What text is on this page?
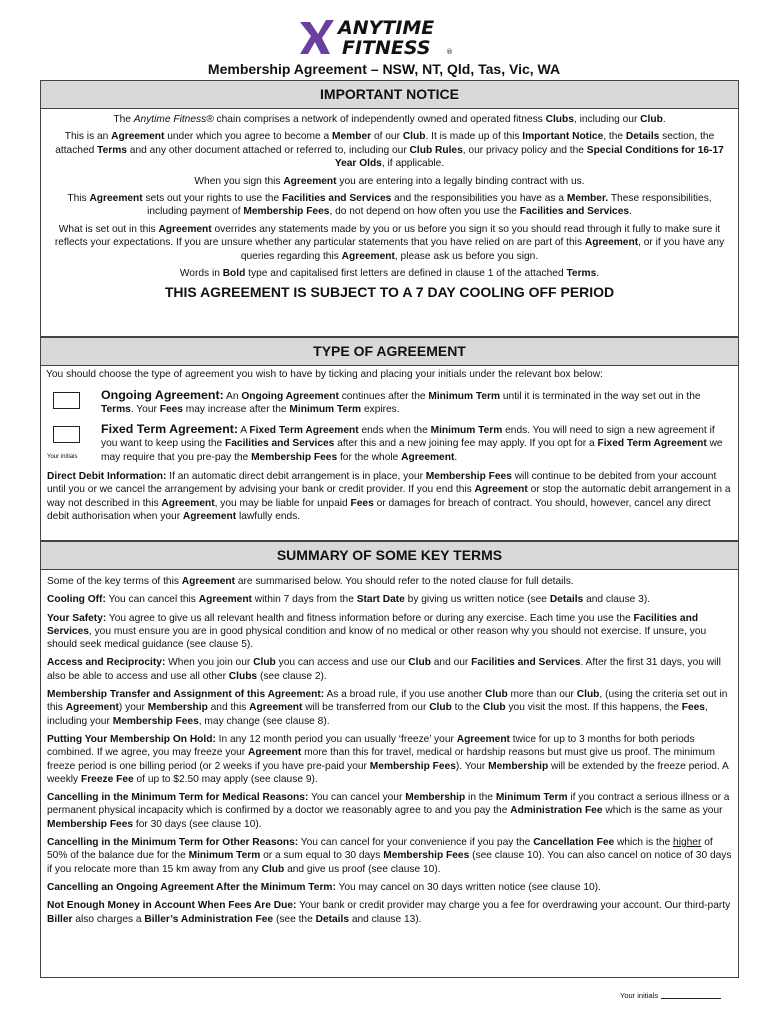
ANYTIME
FITNESS ®
Membership Agreement – NSW, NT, Qld, Tas, Vic, WA
IMPORTANT NOTICE

The Anytime Fitness® chain comprises a network of independently owned and operated fitness Clubs, including our Club.

This is an Agreement under which you agree to become a Member of our Club. It is made up of this Important Notice, the Details section, the attached Terms and any other document attached or referred to, including our Club Rules, our privacy policy and the Special Conditions for 16-17 Year Olds, if applicable.

When you sign this Agreement you are entering into a legally binding contract with us.

This Agreement sets out your rights to use the Facilities and Services and the responsibilities you have as a Member. These responsibilities, including payment of Membership Fees, do not depend on how often you use the Facilities and Services.

What is set out in this Agreement overrides any statements made by you or us before you sign it so you should read through it fully to make sure it reflects your expectations. If you are unsure whether any particular statements that you have relied on are part of this Agreement, or if you have any queries regarding this Agreement, please ask us before you sign.

Words in Bold type and capitalised first letters are defined in clause 1 of the attached Terms.

THIS AGREEMENT IS SUBJECT TO A 7 DAY COOLING OFF PERIOD
TYPE OF AGREEMENT
You should choose the type of agreement you wish to have by ticking and placing your initials under the relevant box below:
Ongoing Agreement: An Ongoing Agreement continues after the Minimum Term until it is terminated in the way set out in the Terms. Your Fees may increase after the Minimum Term expires.
Your initials
Fixed Term Agreement: A Fixed Term Agreement ends when the Minimum Term ends. You will need to sign a new agreement if you want to keep using the Facilities and Services after this and a new joining fee may apply. If you opt for a Fixed Term Agreement we may require that you pre-pay the Membership Fees for the whole Agreement.
Direct Debit Information: If an automatic direct debit arrangement is in place, your Membership Fees will continue to be debited from your account until you or we cancel the arrangement by advising your bank or credit provider. If you end this Agreement or stop the automatic debit arrangement in a way not described in this Agreement, you may be liable for unpaid Fees or damages for breach of contract. You should, however, cancel any direct debit authorisation when your Agreement lawfully ends.
SUMMARY OF SOME KEY TERMS

Some of the key terms of this Agreement are summarised below. You should refer to the noted clause for full details.

Cooling Off: You can cancel this Agreement within 7 days from the Start Date by giving us written notice (see Details and clause 3).

Your Safety: You agree to give us all relevant health and fitness information before or during any exercise. Each time you use the Facilities and Services, you must ensure you are in good physical condition and know of no medical or other reason why you should not exercise. If unsure, you should seek medical guidance (see clause 5).

Access and Reciprocity: When you join our Club you can access and use our Club and our Facilities and Services. After the first 31 days, you will also be able to access and use all other Clubs (see clause 2).

Membership Transfer and Assignment of this Agreement: As a broad rule, if you use another Club more than our Club, (using the criteria set out in this Agreement) your Membership and this Agreement will be transferred from our Club to the Club you visit the most. If this happens, the Fees, including your Membership Fees, may change (see clause 8).

Putting Your Membership On Hold: In any 12 month period you can usually ‘freeze’ your Agreement twice for up to 3 months for both periods combined. If we agree, you may freeze your Agreement more than this for travel, medical or hardship reasons but must give us proof. The minimum freeze period is one billing period (or 2 weeks if you have pre-paid your Membership Fees). Your Membership will be extended by the freeze period. A weekly Freeze Fee of up to $2.50 may apply (see clause 9).

Cancelling in the Minimum Term for Medical Reasons: You can cancel your Membership in the Minimum Term if you contract a serious illness or a permanent physical incapacity which is confirmed by a doctor we reasonably agree to and you pay the Administration Fee which is the same as your Membership Fees for 30 days (see clause 10).

Cancelling in the Minimum Term for Other Reasons: You can cancel for your convenience if you pay the Cancellation Fee which is the higher of 50% of the balance due for the Minimum Term or a sum equal to 30 days Membership Fees (see clause 10). You can also cancel on notice of 30 days if you relocate more than 15 km away from any Club and give us proof (see clause 10).

Cancelling an Ongoing Agreement After the Minimum Term: You may cancel on 30 days written notice (see clause 10).

Not Enough Money in Account When Fees Are Due: Your bank or credit provider may charge you a fee for overdrawing your account. Our third-party Biller also charges a Biller’s Administration Fee (see the Details and clause 13).

Your initials
